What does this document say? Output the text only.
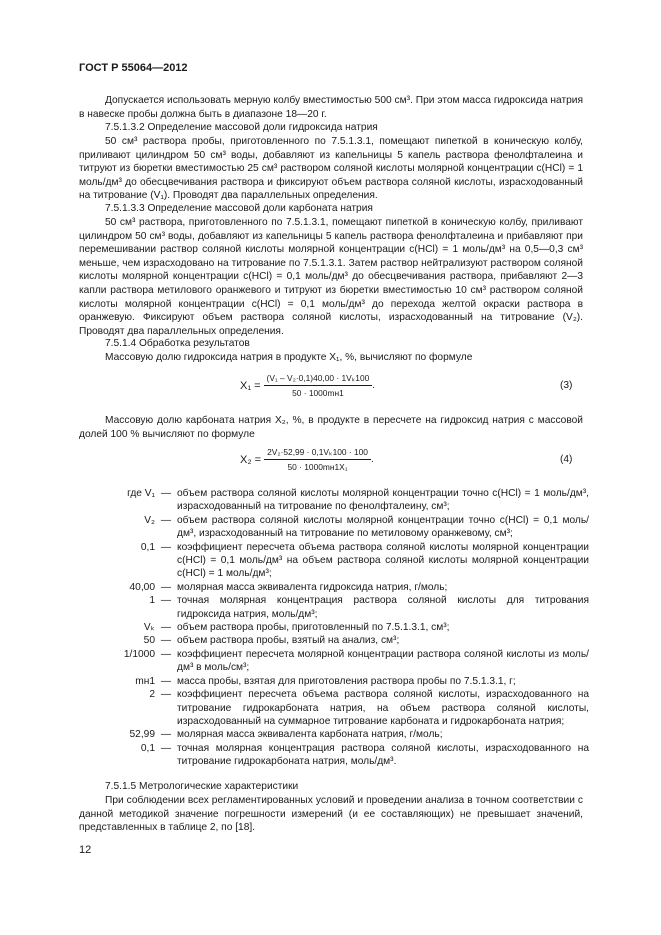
ГОСТ Р 55064—2012
Допускается использовать мерную колбу вместимостью 500 см³. При этом масса гидроксида натрия в навеске пробы должна быть в диапазоне 18—20 г.
7.5.1.3.2 Определение массовой доли гидроксида натрия
50 см³ раствора пробы, приготовленного по 7.5.1.3.1, помещают пипеткой в коническую колбу, приливают цилиндром 50 см³ воды, добавляют из капельницы 5 капель раствора фенолфталеина и титруют из бюретки вместимостью 25 см³ раствором соляной кислоты молярной концентрации c(HCl) = 1 моль/дм³ до обесцвечивания раствора и фиксируют объем раствора соляной кислоты, израсходованный на титрование (V₁). Проводят два параллельных определения.
7.5.1.3.3 Определение массовой доли карбоната натрия
50 см³ раствора, приготовленного по 7.5.1.3.1, помещают пипеткой в коническую колбу, приливают цилиндром 50 см³ воды, добавляют из капельницы 5 капель раствора фенолфталеина и прибавляют при перемешивании раствор соляной кислоты молярной концентрации c(HCl) = 1 моль/дм³ на 0,5—0,3 см³ меньше, чем израсходовано на титрование по 7.5.1.3.1. Затем раствор нейтрализуют раствором соляной кислоты молярной концентрации c(HCl) = 0,1 моль/дм³ до обесцвечивания раствора, прибавляют 2—3 капли раствора метилового оранжевого и титруют из бюретки вместимостью 10 см³ раствором соляной кислоты молярной концентрации c(HCl) = 0,1 моль/дм³ до перехода желтой окраски раствора в оранжевую. Фиксируют объем раствора соляной кислоты, израсходованный на титрование (V₂). Проводят два параллельных определения.
7.5.1.4 Обработка результатов
Массовую долю гидроксида натрия в продукте X₁, %, вычисляют по формуле
$X_1 = \frac{\text{(V₁ – V₂·0,1)40,00 · 1Vₖ100}}{50 \cdot 1000mн1}$ .	(3)
Массовую долю карбоната натрия X₂, %, в продукте в пересчете на гидроксид натрия с массовой долей 100 % вычисляют по формуле
$X_2 = \frac{\text{2V₂·52,99 · 0,1Vₖ100 · 100}}{\text{50 · 1000mн1X₁}}$ .	(4)
где V₁ — объем раствора соляной кислоты молярной концентрации точно c(HCl) = 1 моль/дм³, израсходованный на титрование по фенолфталеину, см³;
V₂ — объем раствора соляной кислоты молярной концентрации точно c(HCl) = 0,1 моль/дм³, израсходованный на титрование по метиловому оранжевому, см³;
0,1 — коэффициент пересчета объема раствора соляной кислоты молярной концентрации c(HCl) = 0,1 моль/дм³ на объем раствора соляной кислоты молярной концентрации c(HCl) = 1 моль/дм³;
40,00 — молярная масса эквивалента гидроксида натрия, г/моль;
1 — точная молярная концентрация раствора соляной кислоты для титрования гидроксида натрия, моль/дм³;
Vₖ — объем раствора пробы, приготовленный по 7.5.1.3.1, см³;
50 — объем раствора пробы, взятый на анализ, см³;
1/1000 — коэффициент пересчета молярной концентрации раствора соляной кислоты из моль/дм³ в моль/см³;
mн1 — масса пробы, взятая для приготовления раствора пробы по 7.5.1.3.1, г;
2 — коэффициент пересчета объема раствора соляной кислоты, израсходованного на титрование гидрокарбоната натрия, на объем раствора соляной кислоты, израсходованный на суммарное титрование карбоната и гидрокарбоната натрия;
52,99 — молярная масса эквивалента карбоната натрия, г/моль;
0,1 — точная молярная концентрация раствора соляной кислоты, израсходованного на титрование гидрокарбоната натрия, моль/дм³.
7.5.1.5 Метрологические характеристики
При соблюдении всех регламентированных условий и проведении анализа в точном соответствии с данной методикой значение погрешности измерений (и ее составляющих) не превышает значений, представленных в таблице 2, по [18].
12
